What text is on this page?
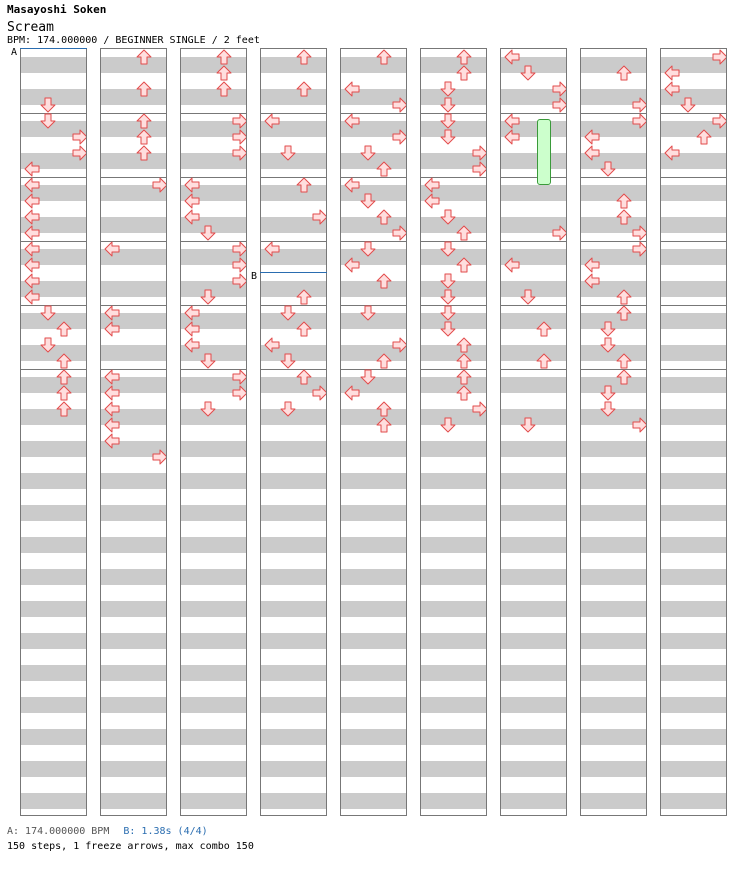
Masayoshi Soken
Scream
BPM: 174.000000 / BEGINNER SINGLE / 2 feet
A: 174.000000 BPM B: 1.38s (4/4)
150 steps, 1 freeze arrows, max combo 150
A
B
